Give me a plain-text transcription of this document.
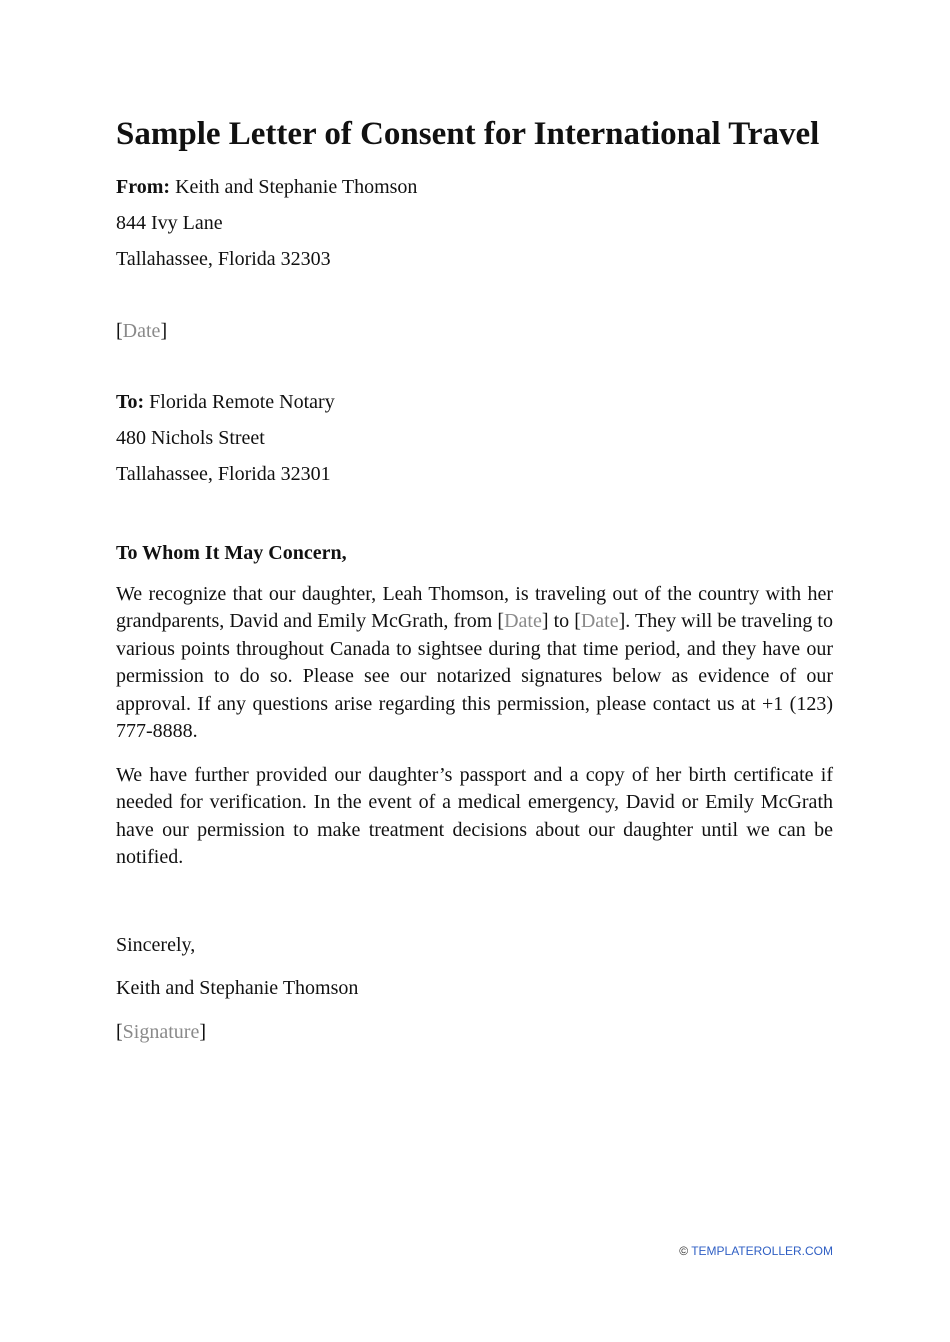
Sample Letter of Consent for International Travel
From: Keith and Stephanie Thomson
844 Ivy Lane
Tallahassee, Florida 32303
[Date]
To: Florida Remote Notary
480 Nichols Street
Tallahassee, Florida 32301
To Whom It May Concern,

We recognize that our daughter, Leah Thomson, is traveling out of the country with her grandparents, David and Emily McGrath, from [Date] to [Date]. They will be traveling to various points throughout Canada to sightsee during that time period, and they have our permission to do so. Please see our notarized signatures below as evidence of our approval. If any questions arise regarding this permission, please contact us at +1 (123) 777-8888.

We have further provided our daughter’s passport and a copy of her birth certificate if needed for verification. In the event of a medical emergency, David or Emily McGrath have our permission to make treatment decisions about our daughter until we can be notified.

Sincerely,
Keith and Stephanie Thomson
[Signature]
© TEMPLATEROLLER.COM
